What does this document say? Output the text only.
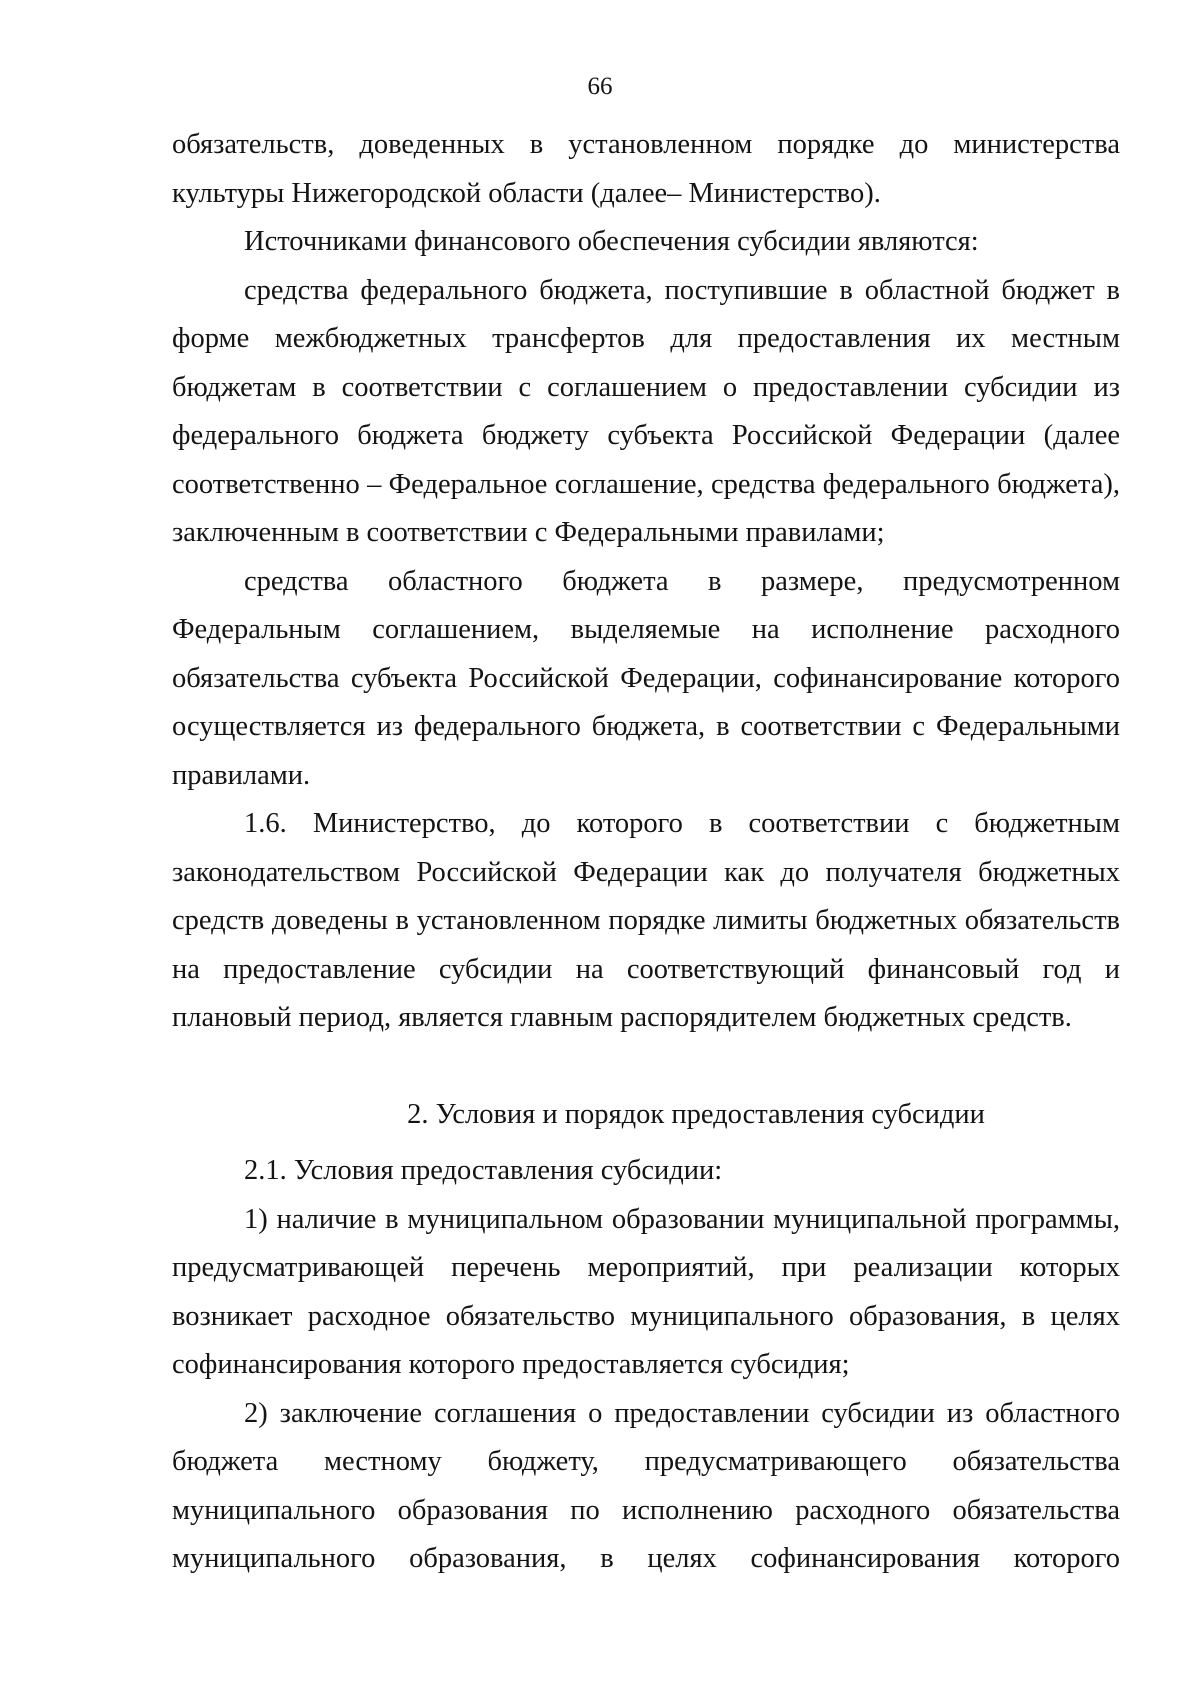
66

обязательств, доведенных в установленном порядке до министерства культуры Нижегородской области (далее– Министерство).

Источниками финансового обеспечения субсидии являются:

средства федерального бюджета, поступившие в областной бюджет в форме межбюджетных трансфертов для предоставления их местным бюджетам в соответствии с соглашением о предоставлении субсидии из федерального бюджета бюджету субъекта Российской Федерации (далее соответственно – Федеральное соглашение, средства федерального бюджета), заключенным в соответствии с Федеральными правилами;

средства областного бюджета в размере, предусмотренном Федеральным соглашением, выделяемые на исполнение расходного обязательства субъекта Российской Федерации, софинансирование которого осуществляется из федерального бюджета, в соответствии с Федеральными правилами.

1.6. Министерство, до которого в соответствии с бюджетным законодательством Российской Федерации как до получателя бюджетных средств доведены в установленном порядке лимиты бюджетных обязательств на предоставление субсидии на соответствующий финансовый год и плановый период, является главным распорядителем бюджетных средств.

2. Условия и порядок предоставления субсидии

2.1. Условия предоставления субсидии:

1) наличие в муниципальном образовании муниципальной программы, предусматривающей перечень мероприятий, при реализации которых возникает расходное обязательство муниципального образования, в целях софинансирования которого предоставляется субсидия;

2) заключение соглашения о предоставлении субсидии из областного бюджета местному бюджету, предусматривающего обязательства муниципального образования по исполнению расходного обязательства муниципального образования, в целях софинансирования которого
